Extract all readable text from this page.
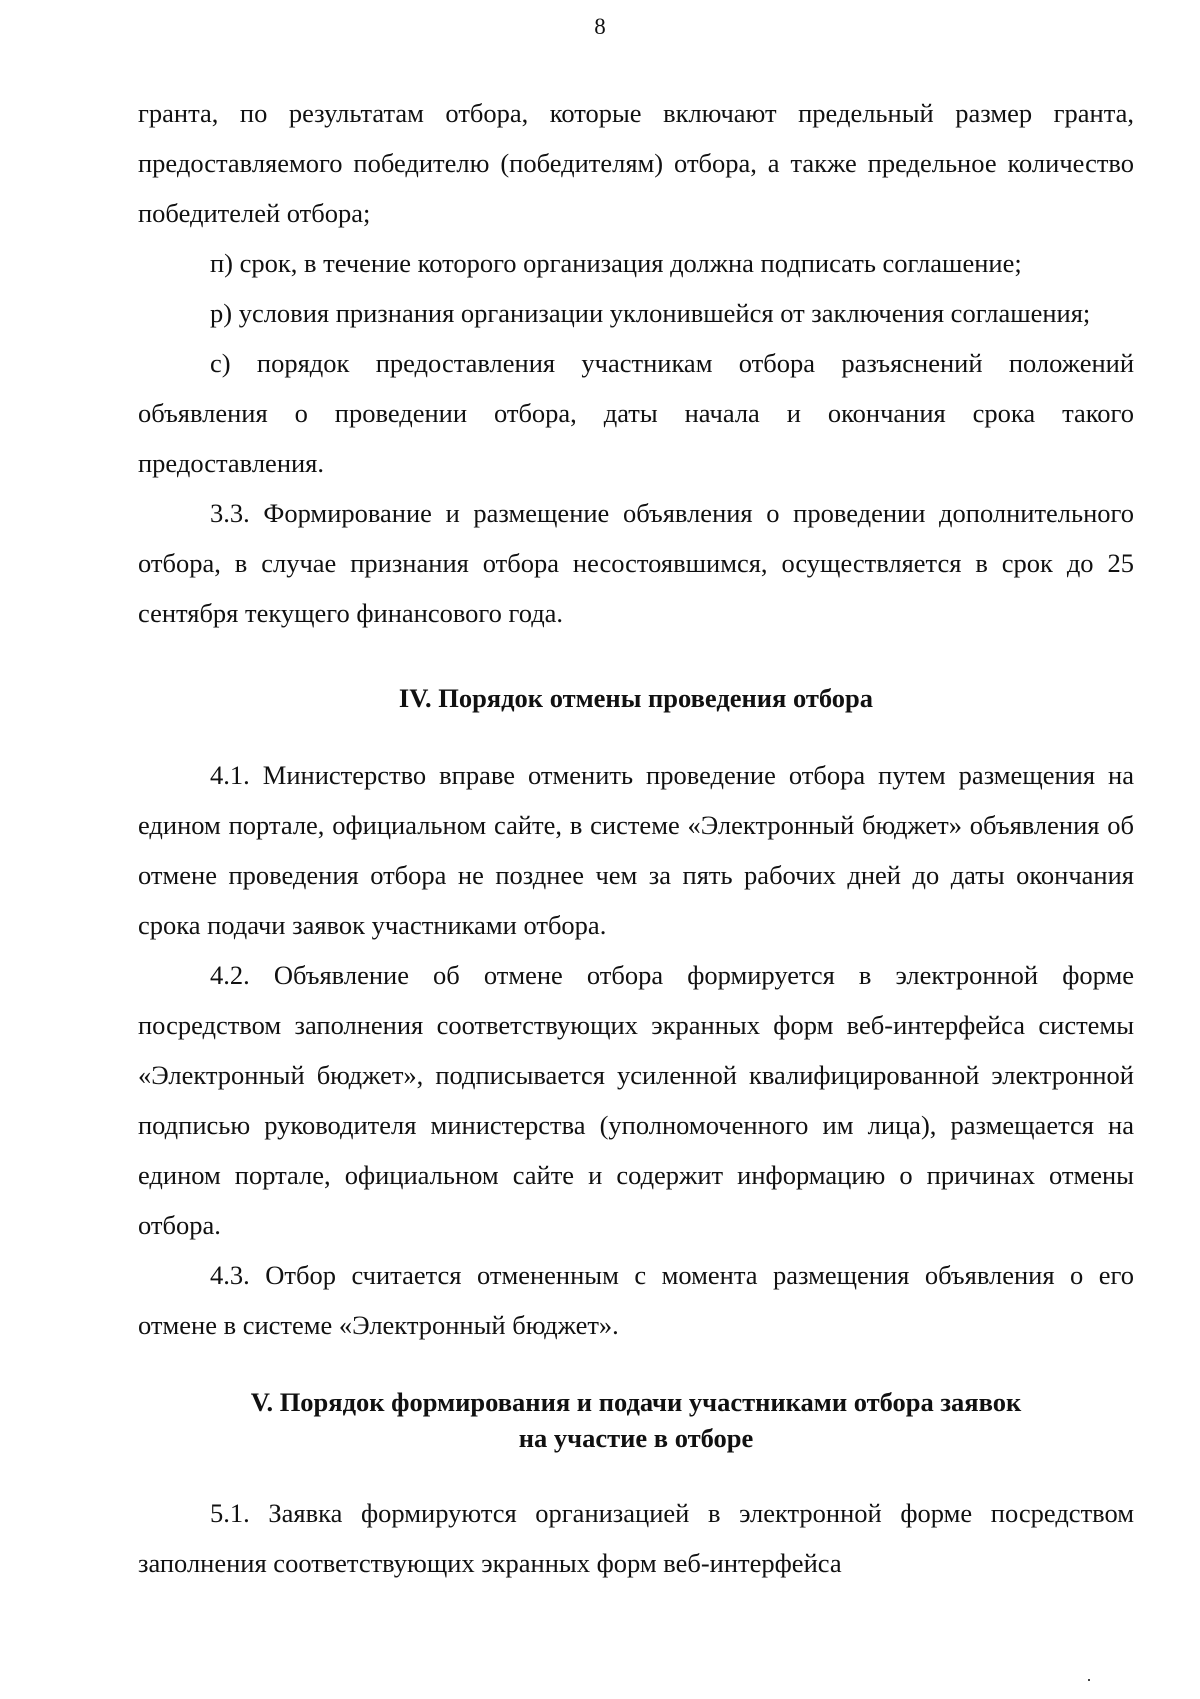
8

гранта, по результатам отбора, которые включают предельный размер гранта, предоставляемого победителю (победителям) отбора, а также предельное количество победителей отбора;

п) срок, в течение которого организация должна подписать соглашение;

р) условия признания организации уклонившейся от заключения соглашения;

с) порядок предоставления участникам отбора разъяснений положений объявления о проведении отбора, даты начала и окончания срока такого предоставления.

3.3. Формирование и размещение объявления о проведении дополнительного отбора, в случае признания отбора несостоявшимся, осуществляется в срок до 25 сентября текущего финансового года.

IV. Порядок отмены проведения отбора

4.1. Министерство вправе отменить проведение отбора путем размещения на едином портале, официальном сайте, в системе «Электронный бюджет» объявления об отмене проведения отбора не позднее чем за пять рабочих дней до даты окончания срока подачи заявок участниками отбора.

4.2. Объявление об отмене отбора формируется в электронной форме посредством заполнения соответствующих экранных форм веб-интерфейса системы «Электронный бюджет», подписывается усиленной квалифицированной электронной подписью руководителя министерства (уполномоченного им лица), размещается на едином портале, официальном сайте и содержит информацию о причинах отмены отбора.

4.3. Отбор считается отмененным с момента размещения объявления о его отмене в системе «Электронный бюджет».

V. Порядок формирования и подачи участниками отбора заявок
на участие в отборе

5.1. Заявка формируются организацией в электронной форме посредством заполнения соответствующих экранных форм веб-интерфейса
